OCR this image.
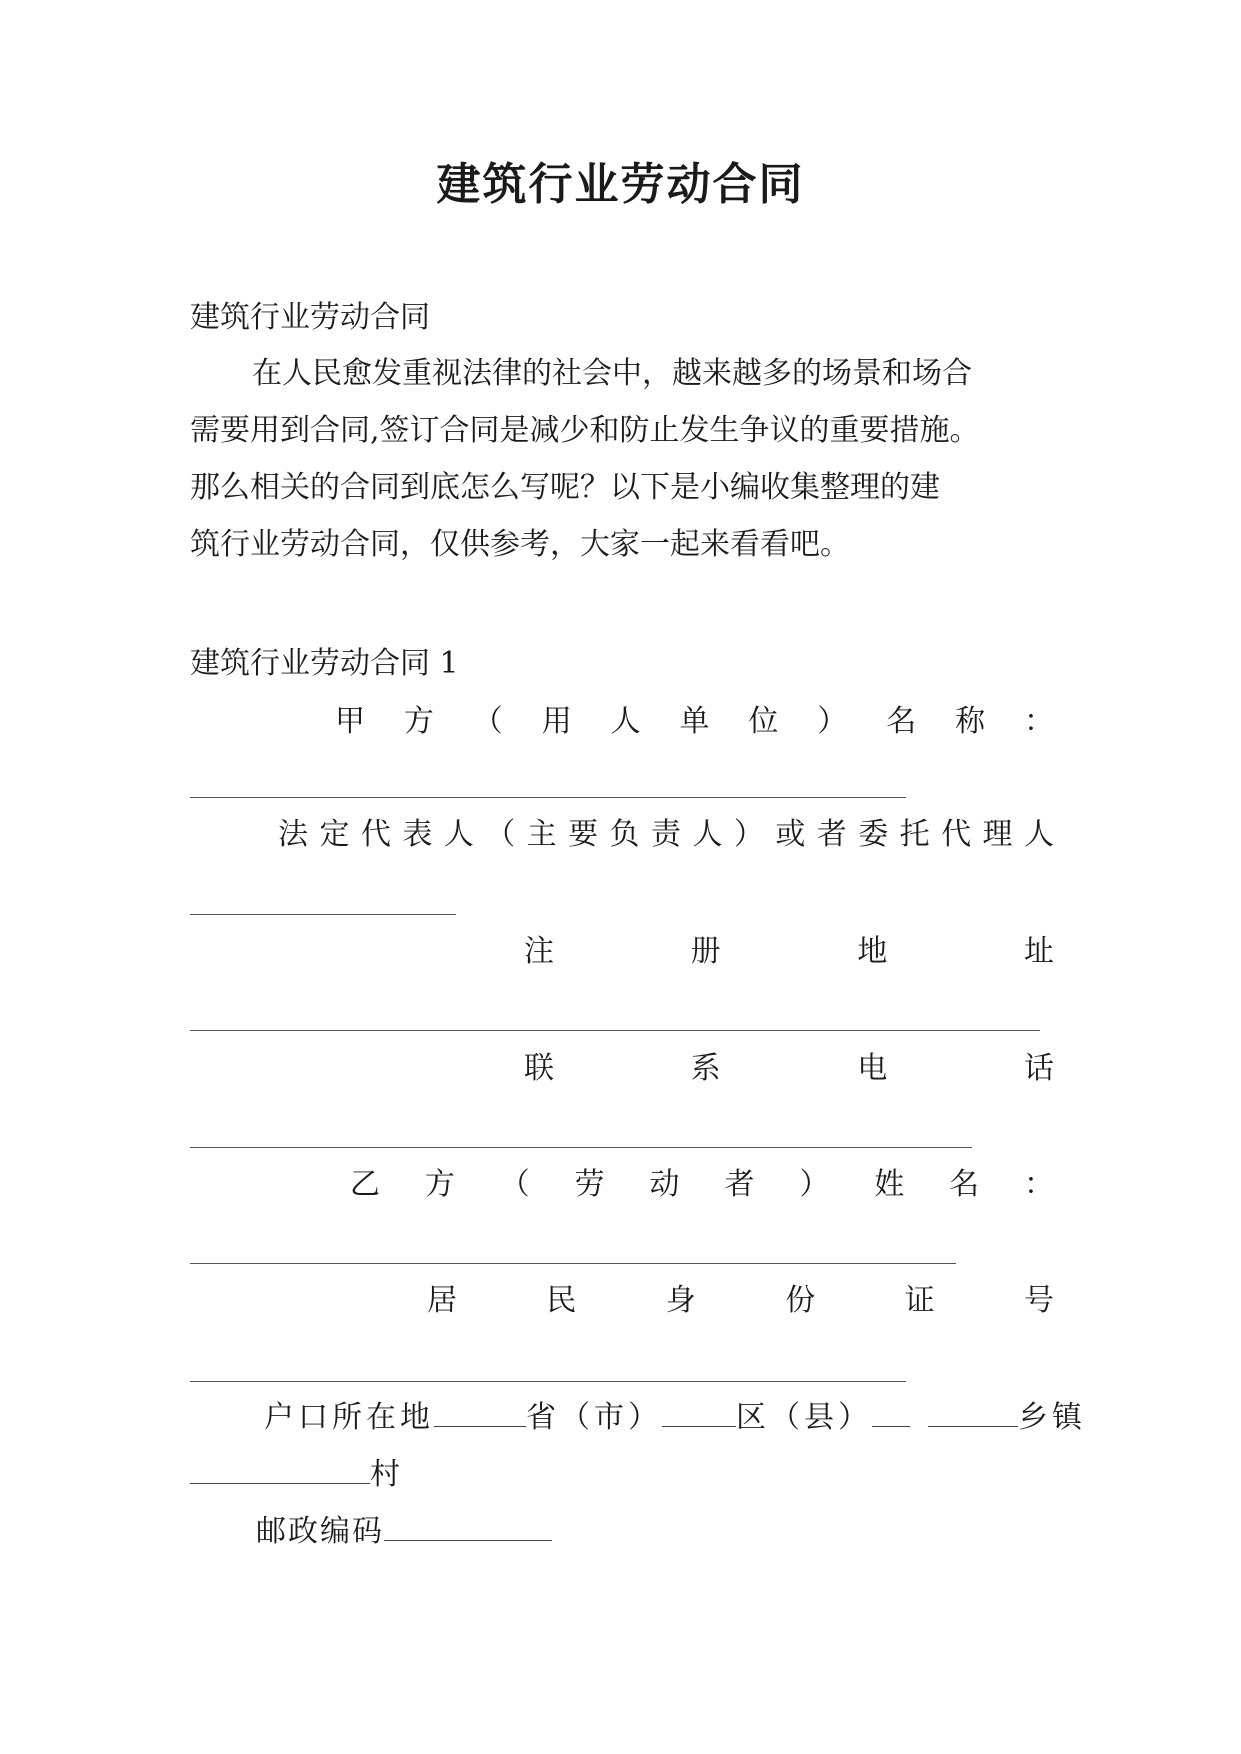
建筑行业劳动合同
建筑行业劳动合同
在人民愈发重视法律的社会中，越来越多的场景和场合
需要用到合同,签订合同是减少和防止发生争议的重要措施。
那么相关的合同到底怎么写呢？以下是小编收集整理的建
筑行业劳动合同，仅供参考，大家一起来看看吧。
建筑行业劳动合同 1
甲方（用人单位）名称：
法定代表人（主要负责人）或者委托代理人
注册地址
联系电话
乙方（劳动者）姓名：
居民身份证号
户口所在地	省（市） 区（县）	乡镇
村
邮政编码
